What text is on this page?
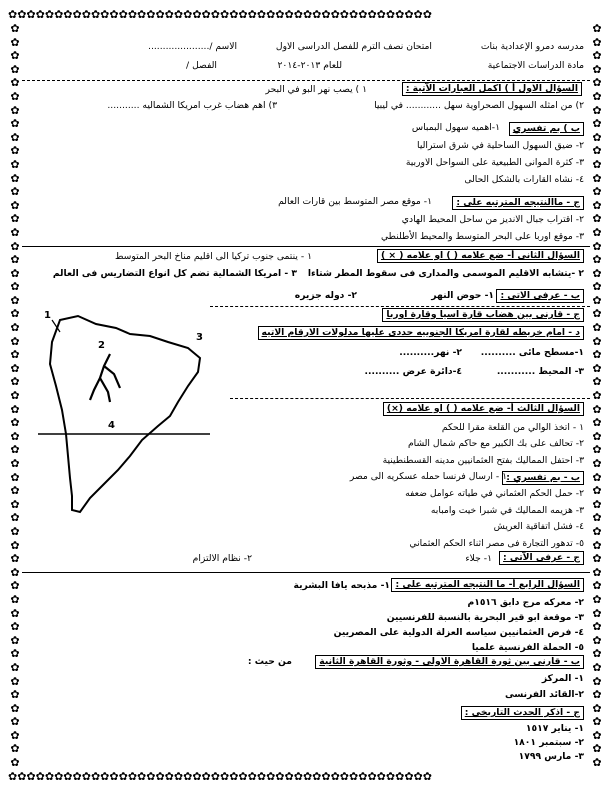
✿✿✿✿✿✿✿✿✿✿✿✿✿✿✿✿✿✿✿✿✿✿✿✿✿✿✿✿✿✿✿✿✿✿✿✿✿✿✿✿✿✿✿✿✿✿
✿✿✿✿✿✿✿✿✿✿✿✿✿✿✿✿✿✿✿✿✿✿✿✿✿✿✿✿✿✿✿✿✿✿✿✿✿✿✿✿✿✿✿✿✿✿
✿
✿
✿
✿
✿
✿
✿
✿
✿
✿
✿
✿
✿
✿
✿
✿
✿
✿
✿
✿
✿
✿
✿
✿
✿
✿
✿
✿
✿
✿
✿
✿
✿
✿
✿
✿
✿
✿
✿
✿
✿
✿
✿
✿
✿
✿
✿
✿
✿
✿
✿
✿
✿
✿
✿
✿
✿
✿
✿
✿
✿
✿
✿
✿
✿
✿
✿
✿
✿
✿
✿
✿
✿
✿
✿
✿
✿
✿
✿
✿
✿
✿
✿
✿
✿
✿
✿
✿
✿
✿
✿
✿
✿
✿
✿
✿
✿
✿
✿
✿
✿
✿
✿
✿
✿
✿
✿
✿
✿
✿
مدرسه دمرو الإعدادية بنات
امتحان نصف الترم للفصل الدراسى الاول
الاسم /.....................
مادة الدراسات الاجتماعية
للعام ٢٠١٣-٢٠١٤
الفصل /
السؤال الاول أ ) اكمل العبارات الآتية :
١ ) يصب نهر البو في البحر
٢) من امثله السهول الصحراوية سهل ............ في ليبيا
٣) اهم هضاب غرب امريكا الشماليه ...........
ب ) بم تفسري
١-اهميه سهول البمباس
٢- ضيق السهول الساحلية في شرق استراليا
٣- كثرة الموانى الطبيعية على السواحل الاوربية
٤- نشاه القارات بالشكل الحالى
ج - ماالنتيجه المترتبه على :
١- موقع مصر المتوسط بين قارات العالم
٢- اقتراب جبال الانديز من ساحل المحيط الهادي
٣- موقع اوربا على البحر المتوسط والمحيط الأطلنطي
السؤال الثانى أ- ضع علامه ( ) او علامه ( × )
١ - ينتمى جنوب تركيا الى اقليم مناخ البحر المتوسط
٢ -يتشابه الاقليم الموسمى والمدارى فى سقوط المطر شتاءا
٣ - امريكا الشمالية تضم كل انواع التضاريس فى العالم
ب - عرفى الاتى :
١- حوض النهر
٢- دوله جزيره
ج - قارنى بين هضاب قارة اسيا وقارة اوربا
د - امام خريطه لقارة امريكا الجنوبيه حددى عليها مدلولات الارقام الاتيه
١-مسطح مائى ..........
٢- نهر..........
٣- المحيط ...........
٤-دائرة عرض ..........
1
2
3
4
السؤال الثالث أ- ضع علامه ( ) او علامه (×)
١ - اتخذ الوالي من القلعة مقرا للحكم
٢- تحالف على بك الكبير مع حاكم شمال الشام
٣- احتفل المماليك بفتح العثمانيين مدينه القسطنطينية
ب - بم تفسري :
١ - ارسال فرنسا حمله عسكريه الى مصر
٢- حمل الحكم العثماني في طياته عوامل ضعفه
٣- هزيمه المماليك في شبرا خيت وامبابه
٤- فشل اتفاقية العريش
٥- تدهور التجارة فى مصر اثناء الحكم العثماني
ج - عرفى الآتى :
١- جلاء
٢- نظام الالتزام
السؤال الرابع أ- ما النتيجه المترتبه على :
١- مذبحه يافا البشرية
٢- معركه مرج دابق ١٥١٦م
٣- موقعة ابو قير البحرية بالنسبة للفرنسيين
٤- فرض العثمانيين سياسه العزلة الدولية على المصريين
٥- الحملة الفرنسية علميا
ب - قارنى بين ثورة القاهرة الاولى - وثورة القاهرة الثانية
من حيث :
١- المركز
٢-القائد الفرنسى
ج - اذكر الحدث التاريخي :
١- يناير ١٥١٧
٢- سبتمبر ١٨٠١
٣- مارس ١٧٩٩
